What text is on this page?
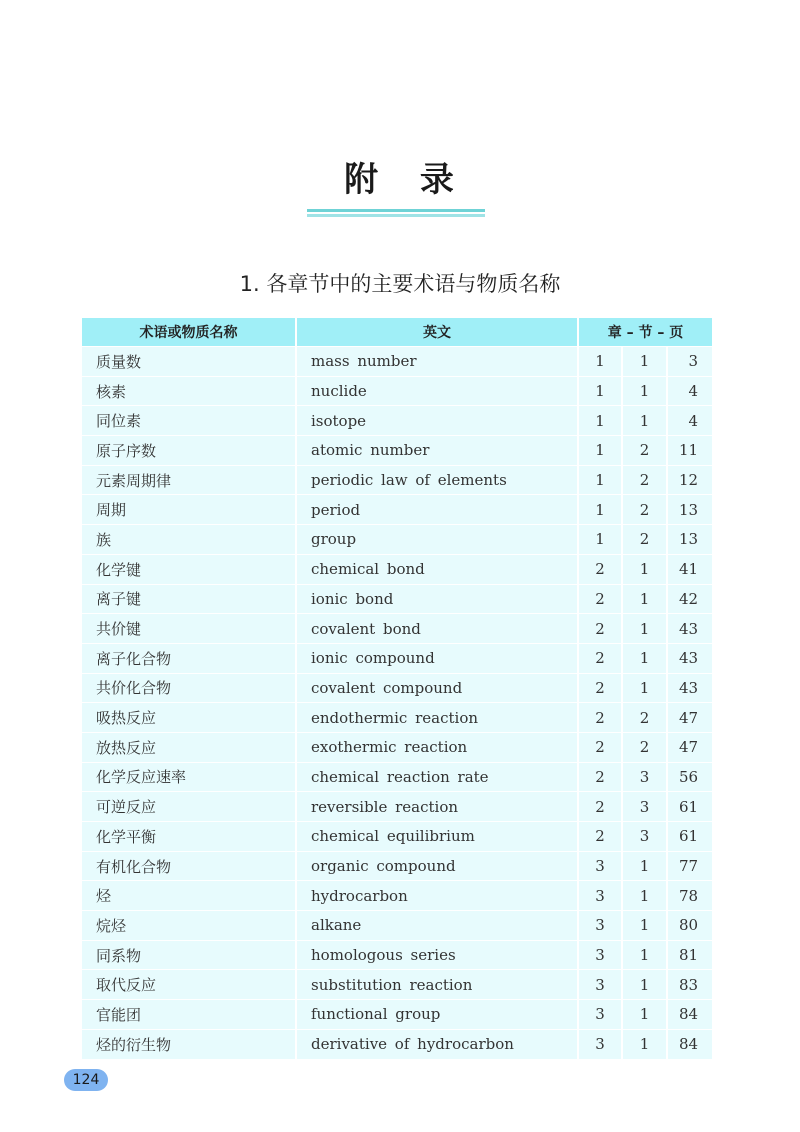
附 录
1. 各章节中的主要术语与物质名称
术语或物质名称	英文	章 – 节 – 页		
质量数	mass number	1	1	3
核素	nuclide	1	1	4
同位素	isotope	1	1	4
原子序数	atomic number	1	2	11
元素周期律	periodic law of elements	1	2	12
周期	period	1	2	13
族	group	1	2	13
化学键	chemical bond	2	1	41
离子键	ionic bond	2	1	42
共价键	covalent bond	2	1	43
离子化合物	ionic compound	2	1	43
共价化合物	covalent compound	2	1	43
吸热反应	endothermic reaction	2	2	47
放热反应	exothermic reaction	2	2	47
化学反应速率	chemical reaction rate	2	3	56
可逆反应	reversible reaction	2	3	61
化学平衡	chemical equilibrium	2	3	61
有机化合物	organic compound	3	1	77
烃	hydrocarbon	3	1	78
烷烃	alkane	3	1	80
同系物	homologous series	3	1	81
取代反应	substitution reaction	3	1	83
官能团	functional group	3	1	84
烃的衍生物	derivative of hydrocarbon	3	1	84
124
